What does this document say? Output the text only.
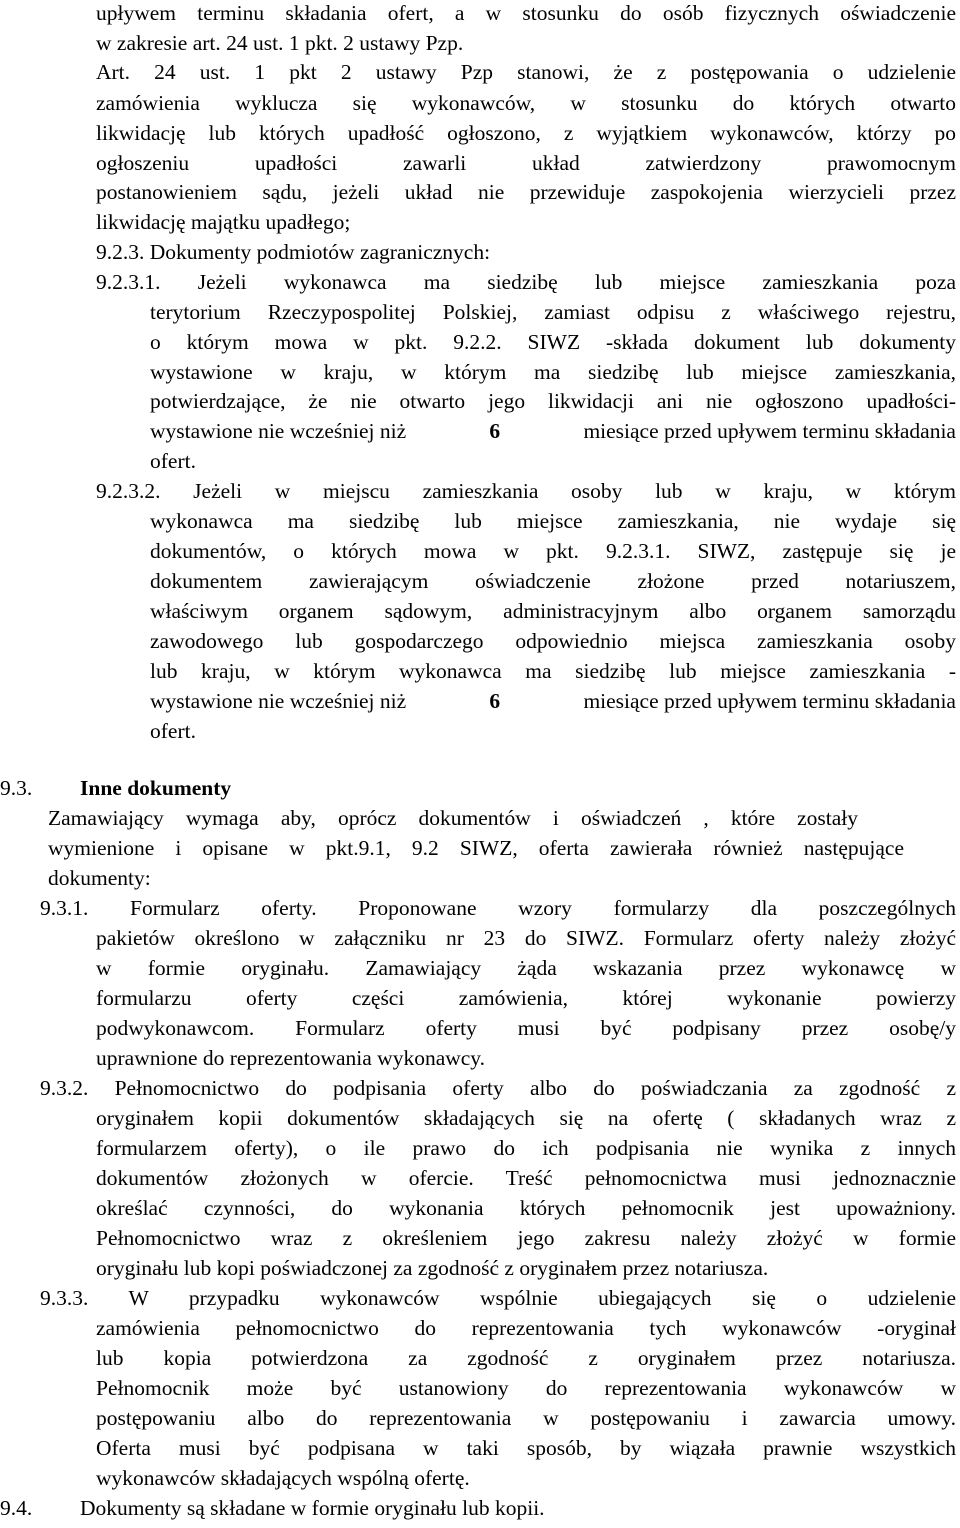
upływem terminu składania ofert, a w stosunku do osób fizycznych oświadczenie
w zakresie art. 24 ust. 1 pkt. 2 ustawy Pzp.
Art. 24 ust. 1 pkt 2 ustawy Pzp stanowi, że z postępowania o udzielenie
zamówienia wyklucza się wykonawców, w stosunku do których otwarto
likwidację lub których upadłość ogłoszono, z wyjątkiem wykonawców, którzy po
ogłoszeniu upadłości zawarli układ zatwierdzony prawomocnym
postanowieniem sądu, jeżeli układ nie przewiduje zaspokojenia wierzycieli przez
likwidację majątku upadłego;
9.2.3. Dokumenty podmiotów zagranicznych:
9.2.3.1. Jeżeli wykonawca ma siedzibę lub miejsce zamieszkania poza
terytorium Rzeczypospolitej Polskiej, zamiast odpisu z właściwego rejestru,
o którym mowa w pkt. 9.2.2. SIWZ -składa dokument lub dokumenty
wystawione w kraju, w którym ma siedzibę lub miejsce zamieszkania,
potwierdzające, że nie otwarto jego likwidacji ani nie ogłoszono upadłości-
wystawione nie wcześniej niż	6	miesiące przed upływem terminu składania
ofert.
9.2.3.2. Jeżeli w miejscu zamieszkania osoby lub w kraju, w którym
wykonawca ma siedzibę lub miejsce zamieszkania, nie wydaje się
dokumentów, o których mowa w pkt. 9.2.3.1. SIWZ, zastępuje się je
dokumentem zawierającym oświadczenie złożone przed notariuszem,
właściwym organem sądowym, administracyjnym albo organem samorządu
zawodowego lub gospodarczego odpowiednio miejsca zamieszkania osoby
lub kraju, w którym wykonawca ma siedzibę lub miejsce zamieszkania -
wystawione nie wcześniej niż	6	miesiące przed upływem terminu składania
ofert.
9.3. Inne dokumenty
Zamawiający wymaga aby, oprócz dokumentów i oświadczeń , które zostały
wymienione i opisane w pkt.9.1, 9.2 SIWZ, oferta zawierała również następujące
dokumenty:
9.3.1. Formularz oferty. Proponowane wzory formularzy dla poszczególnych
pakietów określono w załączniku nr 23 do SIWZ. Formularz oferty należy złożyć
w formie oryginału. Zamawiający żąda wskazania przez wykonawcę w
formularzu oferty części zamówienia, której wykonanie powierzy
podwykonawcom. Formularz oferty musi być podpisany przez osobę/y
uprawnione do reprezentowania wykonawcy.
9.3.2. Pełnomocnictwo do podpisania oferty albo do poświadczania za zgodność z
oryginałem kopii dokumentów składających się na ofertę ( składanych wraz z
formularzem oferty), o ile prawo do ich podpisania nie wynika z innych
dokumentów złożonych w ofercie. Treść pełnomocnictwa musi jednoznacznie
określać czynności, do wykonania których pełnomocnik jest upoważniony.
Pełnomocnictwo wraz z określeniem jego zakresu należy złożyć w formie
oryginału lub kopi poświadczonej za zgodność z oryginałem przez notariusza.
9.3.3. W przypadku wykonawców wspólnie ubiegających się o udzielenie
zamówienia pełnomocnictwo do reprezentowania tych wykonawców -oryginał
lub kopia potwierdzona za zgodność z oryginałem przez notariusza.
Pełnomocnik może być ustanowiony do reprezentowania wykonawców w
postępowaniu albo do reprezentowania w postępowaniu i zawarcia umowy.
Oferta musi być podpisana w taki sposób, by wiązała prawnie wszystkich
wykonawców składających wspólną ofertę.
9.4. Dokumenty są składane w formie oryginału lub kopii.
